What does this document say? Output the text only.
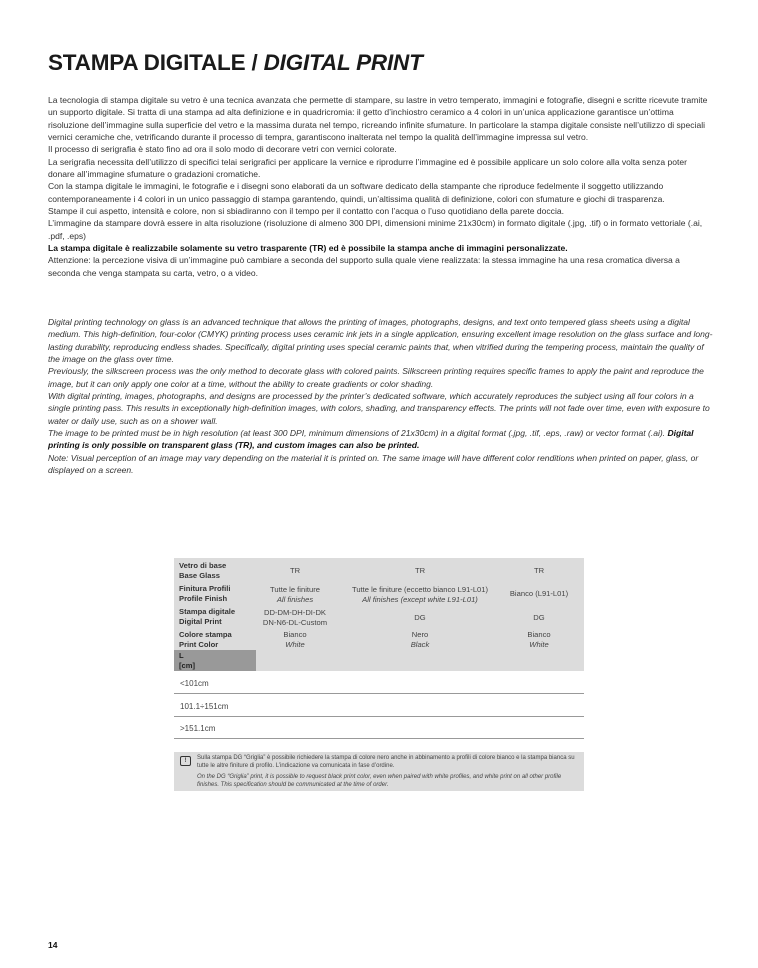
STAMPA DIGITALE / DIGITAL PRINT

La tecnologia di stampa digitale su vetro è una tecnica avanzata che permette di stampare, su lastre in vetro temperato, immagini e fotografie, disegni e scritte ricevute tramite un supporto digitale. Si tratta di una stampa ad alta definizione e in quadricromia: il getto d’inchiostro ceramico a 4 colori in un’unica applicazione garantisce un’ottima risoluzione dell’immagine sulla superficie del vetro e la massima durata nel tempo, ricreando infinite sfumature. In particolare la stampa digitale consiste nell’utilizzo di speciali vernici ceramiche che, vetrificando durante il processo di tempra, garantiscono inalterata nel tempo la qualità dell’immagine impressa sul vetro.

Il processo di serigrafia è stato fino ad ora il solo modo di decorare vetri con vernici colorate.

La serigrafia necessita dell’utilizzo di specifici telai serigrafici per applicare la vernice e riprodurre l’immagine ed è possibile applicare un solo colore alla volta senza poter donare all’immagine sfumature o gradazioni cromatiche.

Con la stampa digitale le immagini, le fotografie e i disegni sono elaborati da un software dedicato della stampante che riproduce fedelmente il soggetto utilizzando contemporaneamente i 4 colori in un unico passaggio di stampa garantendo, quindi, un’altissima qualità di definizione, colori con sfumature e giochi di trasparenza.

Stampe il cui aspetto, intensità e colore, non si sbiadiranno con il tempo per il contatto con l’acqua o l’uso quotidiano della parete doccia.

L’immagine da stampare dovrà essere in alta risoluzione (risoluzione di almeno 300 DPI, dimensioni minime 21x30cm) in formato digitale (.jpg, .tif) o in formato vettoriale (.ai, .pdf, .eps)

La stampa digitale è realizzabile solamente su vetro trasparente (TR) ed è possibile la stampa anche di immagini personalizzate.

Attenzione: la percezione visiva di un’immagine può cambiare a seconda del supporto sulla quale viene realizzata: la stessa immagine ha una resa cromatica diversa a seconda che venga stampata su carta, vetro, o a video.

Digital printing technology on glass is an advanced technique that allows the printing of images, photographs, designs, and text onto tempered glass sheets using a digital medium. This high-definition, four-color (CMYK) printing process uses ceramic ink jets in a single application, ensuring excellent image resolution on the glass surface and long-lasting durability, reproducing endless shades. Specifically, digital printing uses special ceramic paints that, when vitrified during the tempering process, maintain the quality of the image on the glass over time.

Previously, the silkscreen process was the only method to decorate glass with colored paints. Silkscreen printing requires specific frames to apply the paint and reproduce the image, but it can only apply one color at a time, without the ability to create gradients or color shading.

With digital printing, images, photographs, and designs are processed by the printer’s dedicated software, which accurately reproduces the subject using all four colors in a single printing pass. This results in exceptionally high-definition images, with colors, shading, and transparency effects. The prints will not fade over time, even with exposure to water or daily use, such as on a shower wall.

The image to be printed must be in high resolution (at least 300 DPI, minimum dimensions of 21x30cm) in a digital format (.jpg, .tif, .eps, .raw) or vector format (.ai). Digital printing is only possible on transparent glass (TR), and custom images can also be printed.

Note: Visual perception of an image may vary depending on the material it is printed on. The same image will have different color renditions when printed on paper, glass, or displayed on a screen.

Vetro di base
Base Glass
Finitura Profili
Profile Finish
Stampa digitale
Digital Print
Colore stampa
Print Color
L
[cm]
TR
Tutte le finiture
All finishes
DD-DM-DH-DI-DK
DN-N6-DL-Custom
Bianco
White
TR
Tutte le finiture (eccetto bianco L91-L01)
All finishes (except white L91-L01)
DG
Nero
Black
TR
Bianco (L91-L01)
DG
Bianco
White
<101cm
101.1÷151cm
>151.1cm
!	Sulla stampa DG “Griglia” è possibile richiedere la stampa di colore nero anche in abbinamento a profili di colore bianco e la stampa bianca su tutte le altre finiture di profilo. L’indicazione va comunicata in fase d’ordine.
On the DG “Griglia” print, it is possible to request black print color, even when paired with white profiles, and white print on all other profile finishes. This specification should be communicated at the time of order.
14
